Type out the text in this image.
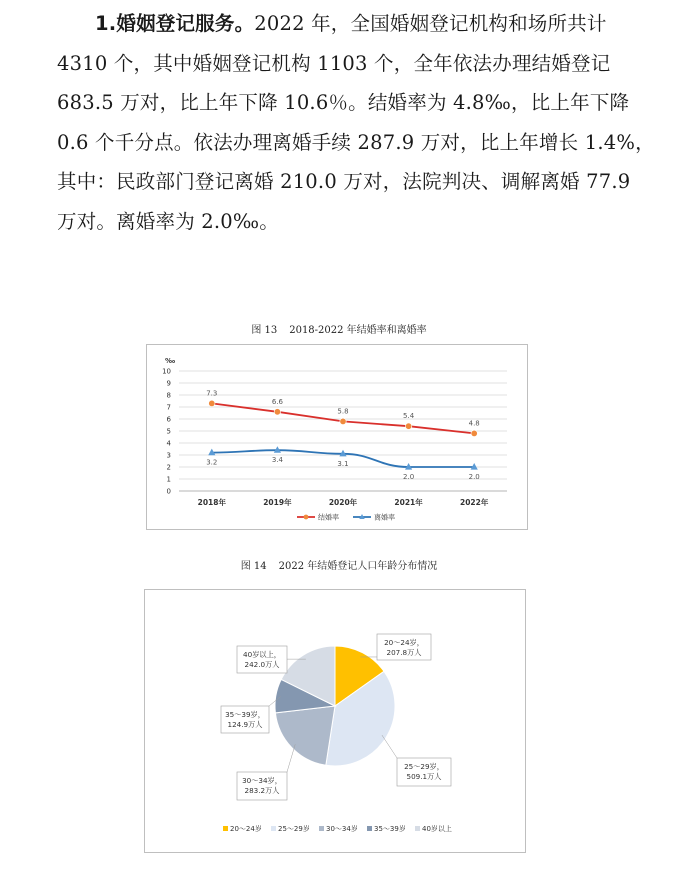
1.婚姻登记服务。2022 年，全国婚姻登记机构和场所共计
4310 个，其中婚姻登记机构 1103 个，全年依法办理结婚登记
683.5 万对，比上年下降 10.6％。结婚率为 4.8‰，比上年下降
0.6 个千分点。依法办理离婚手续 287.9 万对，比上年增长 1.4%，
其中：民政部门登记离婚 210.0 万对，法院判决、调解离婚 77.9
万对。离婚率为 2.0‰。
图 13 2018-2022 年结婚率和离婚率
‰
0
1
2
3
4
5
6
7
8
9
10
2018年	2019年	2020年	2021年	2022年
7.3
6.6
5.8
5.4
4.8
3.2	3.4	3.1
2.0	2.0
结婚率	离婚率
图 14 2022 年结婚登记人口年龄分布情况
20～24岁，
207.8万人
25～29岁，
509.1万人
30～34岁，
283.2万人
35～39岁，
124.9万人
40岁以上，
242.0万人
20～24岁 25～29岁 30～34岁 35～39岁 40岁以上
